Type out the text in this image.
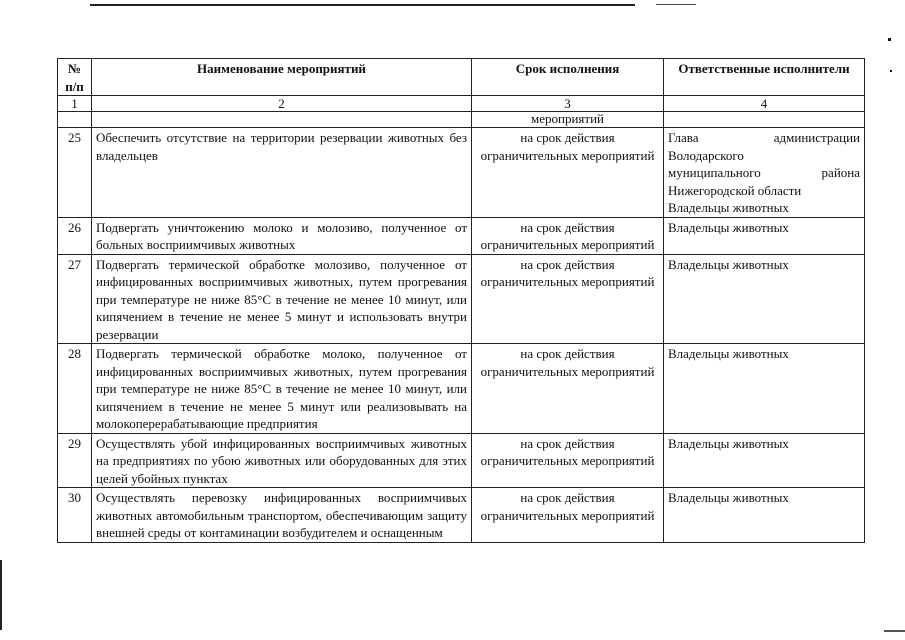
№ п/п	Наименование мероприятий	Срок исполнения	Ответственные исполнители
1	2	3	4
		мероприятий	
25	Обеспечить отсутствие на территории резервации животных без владельцев	на срок действия ограничительных мероприятий	Глава администрации
Володарского
муниципального района
Нижегородской области
Владельцы животных

26	Подвергать уничтожению молоко и молозиво, полученное от больных восприимчивых животных	на срок действия ограничительных мероприятий	Владельцы животных

27	Подвергать термической обработке молозиво, полученное от инфицированных восприимчивых животных, путем прогревания при температуре не ниже 85°С в течение не менее 10 минут, или кипячением в течение не менее 5 минут и использовать внутри резервации	на срок действия ограничительных мероприятий	Владельцы животных

28	Подвергать термической обработке молоко, полученное от инфицированных восприимчивых животных, путем прогревания при температуре не ниже 85°С в течение не менее 10 минут, или кипячением в течение не менее 5 минут или реализовывать на молокоперерабатывающие предприятия	на срок действия ограничительных мероприятий	Владельцы животных

29	Осуществлять убой инфицированных восприимчивых животных на предприятиях по убою животных или оборудованных для этих целей убойных пунктах	на срок действия ограничительных мероприятий	Владельцы животных

30	Осуществлять перевозку инфицированных восприимчивых животных автомобильным транспортом, обеспечивающим защиту внешней среды от контаминации возбудителем и оснащенным	на срок действия ограничительных мероприятий	Владельцы животных
